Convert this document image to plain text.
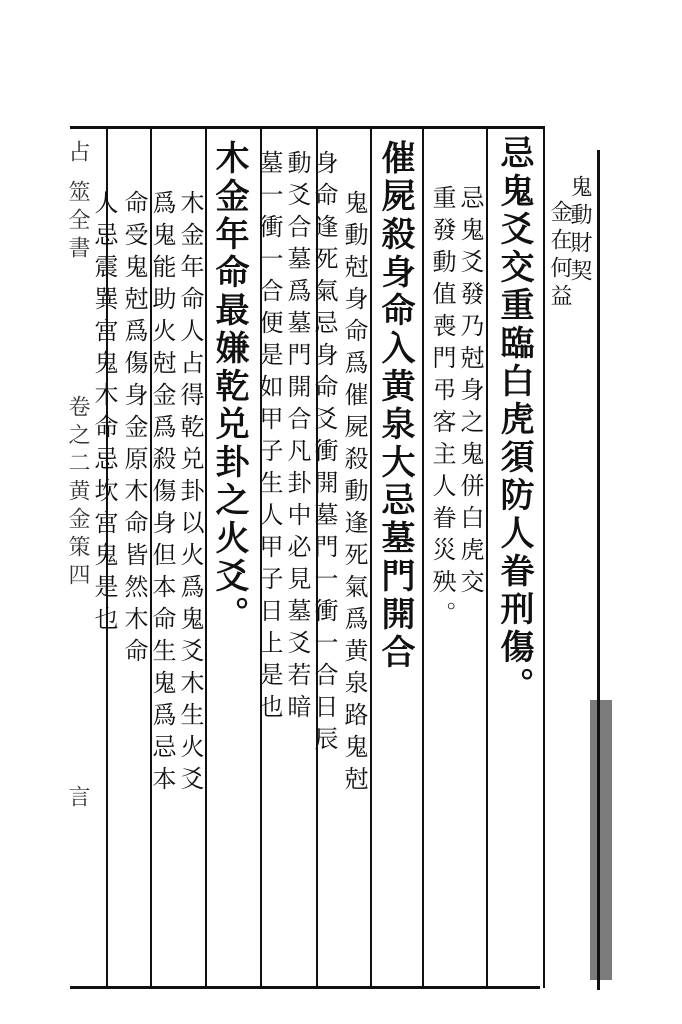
鬼動財契
金在何益
忌鬼爻交重臨白虎須防人眷刑傷。
忌鬼爻發乃尅身之鬼併白虎交
重發動值喪門弔客主人眷災殃。
催屍殺身命入黄泉大忌墓門開合
鬼動尅身命爲催屍殺動逢死氣爲黄泉路鬼尅
身命逢死氣忌身命爻衝開墓門一衝一合日辰
動爻合墓爲墓門開合凡卦中必見墓爻若暗
墓一衝一合便是如甲子生人甲子日上是也
木金年命最嫌乾兑卦之火爻。
木金年命人占得乾兑卦以火爲鬼爻木生火爻
爲鬼能助火尅金爲殺傷身但本命生鬼爲忌本
命受鬼尅爲傷身金原木命皆然木命
人忌震巽宫鬼木命忌坎宫鬼是也
占
筮全書
卷之二黄金策四
言
